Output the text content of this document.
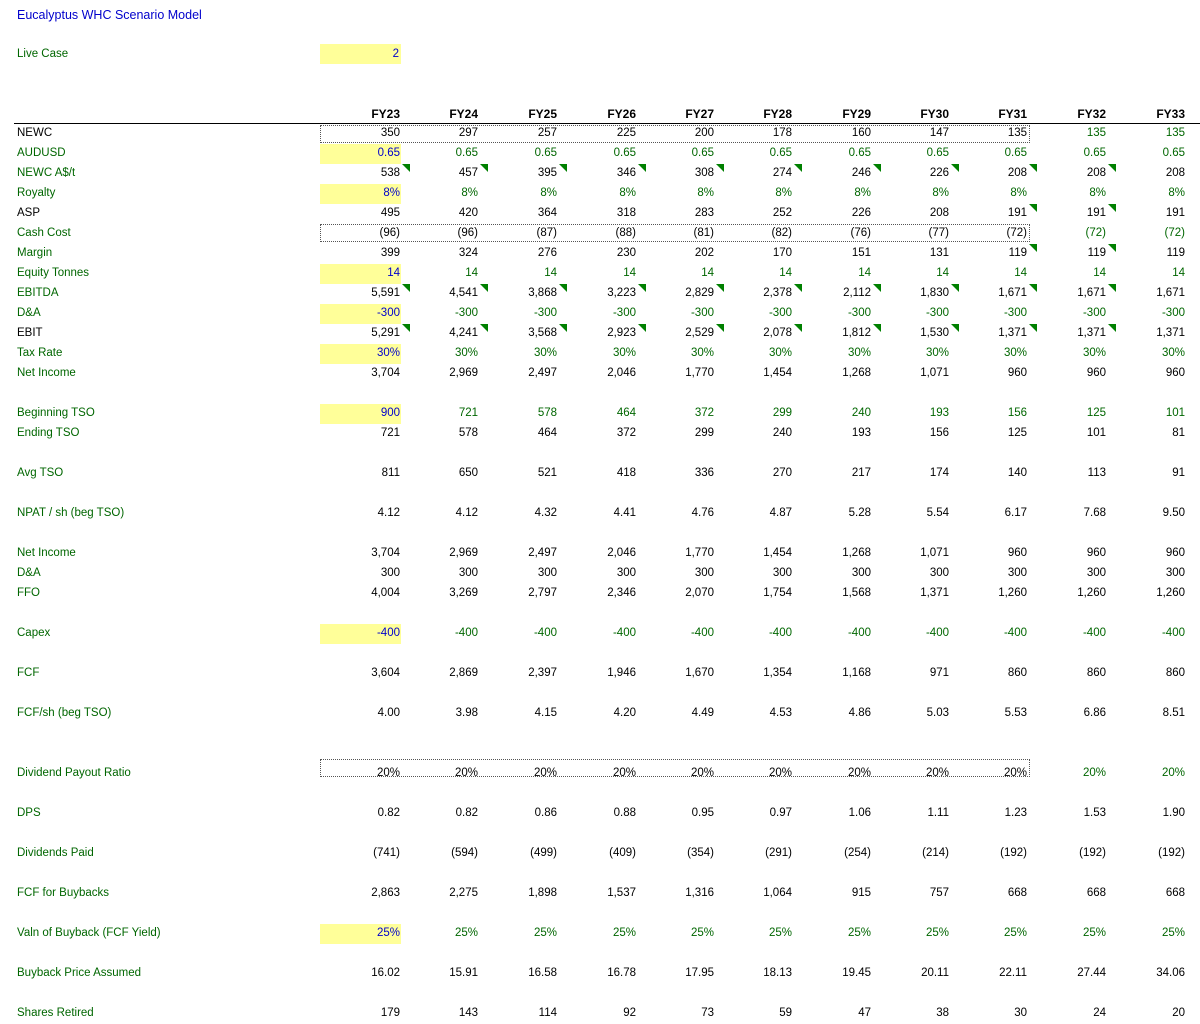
Eucalyptus WHC Scenario Model
Live Case	2
FY23	FY24	FY25	FY26	FY27	FY28	FY29	FY30	FY31	FY32	FY33
NEWC	350	297	257	225	200	178	160	147	135	135	135
AUDUSD	0.65	0.65	0.65	0.65	0.65	0.65	0.65	0.65	0.65	0.65	0.65
NEWC A$/t	538	457	395	346	308	274	246	226	208	208	208
Royalty	8%	8%	8%	8%	8%	8%	8%	8%	8%	8%	8%
ASP	495	420	364	318	283	252	226	208	191	191	191
Cash Cost	(96)	(96)	(87)	(88)	(81)	(82)	(76)	(77)	(72)	(72)	(72)
Margin	399	324	276	230	202	170	151	131	119	119	119
Equity Tonnes	14	14	14	14	14	14	14	14	14	14	14
EBITDA	5,591	4,541	3,868	3,223	2,829	2,378	2,112	1,830	1,671	1,671	1,671
D&A	-300	-300	-300	-300	-300	-300	-300	-300	-300	-300	-300
EBIT	5,291	4,241	3,568	2,923	2,529	2,078	1,812	1,530	1,371	1,371	1,371
Tax Rate	30%	30%	30%	30%	30%	30%	30%	30%	30%	30%	30%
Net Income	3,704	2,969	2,497	2,046	1,770	1,454	1,268	1,071	960	960	960
Beginning TSO	900	721	578	464	372	299	240	193	156	125	101
Ending TSO	721	578	464	372	299	240	193	156	125	101	81
Avg TSO	811	650	521	418	336	270	217	174	140	113	91
NPAT / sh (beg TSO)	4.12	4.12	4.32	4.41	4.76	4.87	5.28	5.54	6.17	7.68	9.50
Net Income	3,704	2,969	2,497	2,046	1,770	1,454	1,268	1,071	960	960	960
D&A	300	300	300	300	300	300	300	300	300	300	300
FFO	4,004	3,269	2,797	2,346	2,070	1,754	1,568	1,371	1,260	1,260	1,260
Capex	-400	-400	-400	-400	-400	-400	-400	-400	-400	-400	-400
FCF	3,604	2,869	2,397	1,946	1,670	1,354	1,168	971	860	860	860
FCF/sh (beg TSO)	4.00	3.98	4.15	4.20	4.49	4.53	4.86	5.03	5.53	6.86	8.51
Dividend Payout Ratio	20%	20%	20%	20%	20%	20%	20%	20%	20%	20%	20%
DPS	0.82	0.82	0.86	0.88	0.95	0.97	1.06	1.11	1.23	1.53	1.90
Dividends Paid	(741)	(594)	(499)	(409)	(354)	(291)	(254)	(214)	(192)	(192)	(192)
FCF for Buybacks	2,863	2,275	1,898	1,537	1,316	1,064	915	757	668	668	668
Valn of Buyback (FCF Yield)	25%	25%	25%	25%	25%	25%	25%	25%	25%	25%	25%
Buyback Price Assumed	16.02	15.91	16.58	16.78	17.95	18.13	19.45	20.11	22.11	27.44	34.06
Shares Retired	179	143	114	92	73	59	47	38	30	24	20
